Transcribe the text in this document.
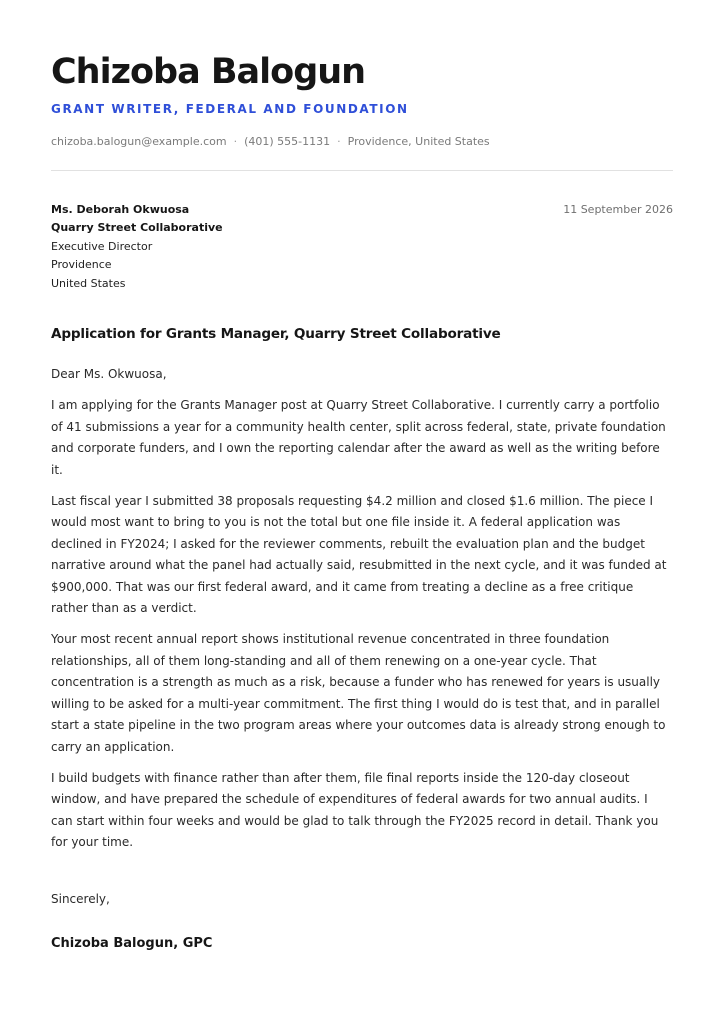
Chizoba Balogun
GRANT WRITER, FEDERAL AND FOUNDATION
chizoba.balogun@example.com · (401) 555-1131 · Providence, United States
Ms. Deborah Okwuosa
Quarry Street Collaborative
Executive Director
Providence
United States
11 September 2026
Application for Grants Manager, Quarry Street Collaborative

Dear Ms. Okwuosa,

I am applying for the Grants Manager post at Quarry Street Collaborative. I currently carry a portfolio of 41 submissions a year for a community health center, split across federal, state, private foundation and corporate funders, and I own the reporting calendar after the award as well as the writing before it.

Last fiscal year I submitted 38 proposals requesting $4.2 million and closed $1.6 million. The piece I would most want to bring to you is not the total but one file inside it. A federal application was declined in FY2024; I asked for the reviewer comments, rebuilt the evaluation plan and the budget narrative around what the panel had actually said, resubmitted in the next cycle, and it was funded at $900,000. That was our first federal award, and it came from treating a decline as a free critique rather than as a verdict.

Your most recent annual report shows institutional revenue concentrated in three foundation relationships, all of them long-standing and all of them renewing on a one-year cycle. That concentration is a strength as much as a risk, because a funder who has renewed for years is usually willing to be asked for a multi-year commitment. The first thing I would do is test that, and in parallel start a state pipeline in the two program areas where your outcomes data is already strong enough to carry an application.

I build budgets with finance rather than after them, file final reports inside the 120-day closeout window, and have prepared the schedule of expenditures of federal awards for two annual audits. I can start within four weeks and would be glad to talk through the FY2025 record in detail. Thank you for your time.

Sincerely,
Chizoba Balogun, GPC
